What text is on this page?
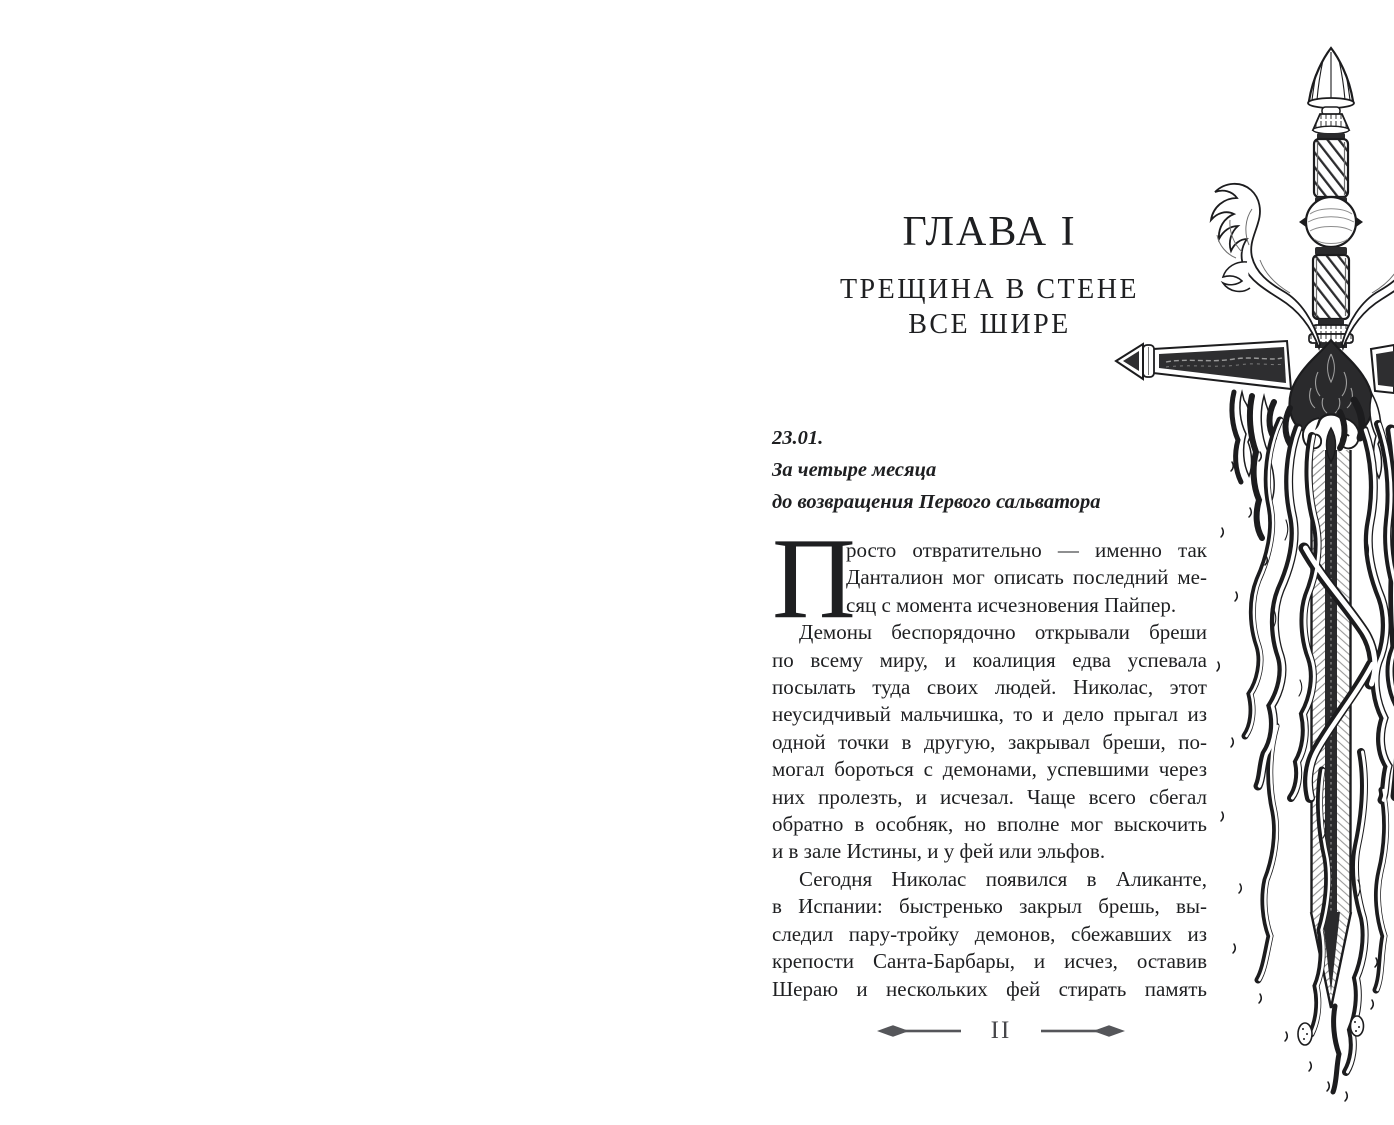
ГЛАВА I
ТРЕЩИНА В СТЕНЕ
ВСЕ ШИРЕ
23.01.
За четыре месяца
до возвращения Первого сальватора
П
росто отвратительно — именно так
Данталион мог описать последний ме-
сяц с момента исчезновения Пайпер.
Демоны беспорядочно открывали бреши
по всему миру, и коалиция едва успевала
посылать туда своих людей. Николас, этот
неусидчивый мальчишка, то и дело прыгал из
одной точки в другую, закрывал бреши, по-
могал бороться с демонами, успевшими через
них пролезть, и исчезал. Чаще всего сбегал
обратно в особняк, но вполне мог выскочить
и в зале Истины, и у фей или эльфов.
Сегодня Николас появился в Аликанте,
в Испании: быстренько закрыл брешь, вы-
следил пару-тройку демонов, сбежавших из
крепости Санта-Барбары, и исчез, оставив
Шераю и нескольких фей стирать память
II
